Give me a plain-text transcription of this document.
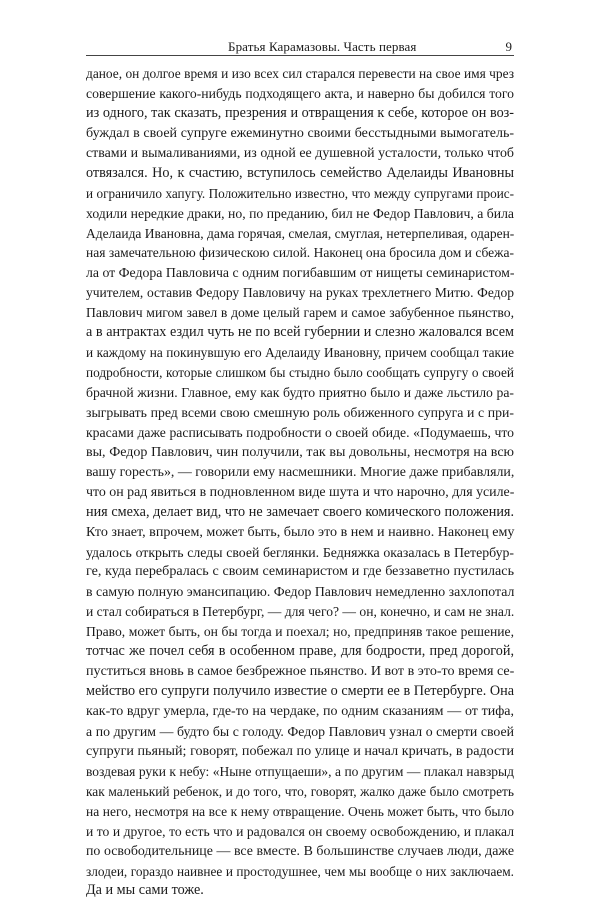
Братья Карамазовы. Часть первая	9
даное, он долгое время и изо всех сил старался перевести на свое имя чрез
совершение какого-нибудь подходящего акта, и наверно бы добился того
из одного, так сказать, презрения и отвращения к себе, которое он воз-
буждал в своей супруге ежеминутно своими бесстыдными вымогатель-
ствами и вымаливаниями, из одной ее душевной усталости, только чтоб
отвязался. Но, к счастию, вступилось семейство Аделаиды Ивановны
и ограничило хапугу. Положительно известно, что между супругами проис-
ходили нередкие драки, но, по преданию, бил не Федор Павлович, а била
Аделаида Ивановна, дама горячая, смелая, смуглая, нетерпеливая, одарен-
ная замечательною физическою силой. Наконец она бросила дом и сбежа-
ла от Федора Павловича с одним погибавшим от нищеты семинаристом-
учителем, оставив Федору Павловичу на руках трехлетнего Митю. Федор
Павлович мигом завел в доме целый гарем и самое забубенное пьянство,
а в антрактах ездил чуть не по всей губернии и слезно жаловался всем
и каждому на покинувшую его Аделаиду Ивановну, причем сообщал такие
подробности, которые слишком бы стыдно было сообщать супругу о своей
брачной жизни. Главное, ему как будто приятно было и даже льстило ра-
зыгрывать пред всеми свою смешную роль обиженного супруга и с при-
красами даже расписывать подробности о своей обиде. «Подумаешь, что
вы, Федор Павлович, чин получили, так вы довольны, несмотря на всю
вашу горесть», — говорили ему насмешники. Многие даже прибавляли,
что он рад явиться в подновленном виде шута и что нарочно, для усиле-
ния смеха, делает вид, что не замечает своего комического положения.
Кто знает, впрочем, может быть, было это в нем и наивно. Наконец ему
удалось открыть следы своей беглянки. Бедняжка оказалась в Петербур-
ге, куда перебралась с своим семинаристом и где беззаветно пустилась
в самую полную эмансипацию. Федор Павлович немедленно захлопотал
и стал собираться в Петербург, — для чего? — он, конечно, и сам не знал.
Право, может быть, он бы тогда и поехал; но, предприняв такое решение,
тотчас же почел себя в особенном праве, для бодрости, пред дорогой,
пуститься вновь в самое безбрежное пьянство. И вот в это-то время се-
мейство его супруги получило известие о смерти ее в Петербурге. Она
как-то вдруг умерла, где-то на чердаке, по одним сказаниям — от тифа,
а по другим — будто бы с голоду. Федор Павлович узнал о смерти своей
супруги пьяный; говорят, побежал по улице и начал кричать, в радости
воздевая руки к небу: «Ныне отпущаеши», а по другим — плакал навзрыд
как маленький ребенок, и до того, что, говорят, жалко даже было смотреть
на него, несмотря на все к нему отвращение. Очень может быть, что было
и то и другое, то есть что и радовался он своему освобождению, и плакал
по освободительнице — все вместе. В большинстве случаев люди, даже
злодеи, гораздо наивнее и простодушнее, чем мы вообще о них заключаем.
Да и мы сами тоже.
